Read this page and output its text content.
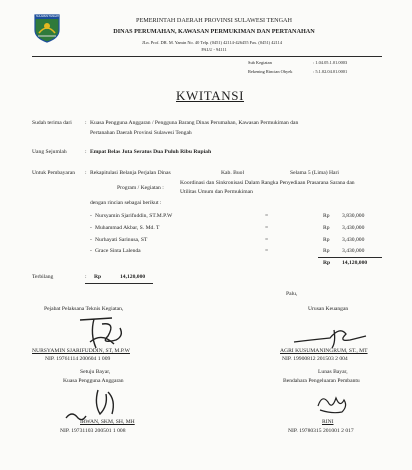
SULAWESI TENGAH
PEMERINTAH DAERAH PROVINSI SULAWESI TENGAH
DINAS PERUMAHAN, KAWASAN PERMUKIMAN DAN PERTANAHAN
JLn. Prof. DR. M. Yamin No. 40 Telp. (0451) 42114-426455 Fax. (0451) 42114
PALU - 94111
Sub Kegiatan	: 1.04.05.1.01.0003
Rekening Rincian Obyek	: 5.1.02.04.01.0001
KWITANSI
Sudah terima dari : Kuasa Pengguna Anggaran / Pengguna Barang Dinas Perumahan, Kawasan Permukiman dan
Pertanahan Daerah Provinsi Sulawesi Tengah
Uang Sejumlah	: Empat Belas Juta Seratus Dua Puluh Ribu Rupiah
Untuk Pembayaran : Rekapitulasi Belanja Perjalan Dinas	Kab. Buol	Selama 5 (Lima) Hari
Program / Kegiatan :
Koordinasi dan Sinkronisasi Dalam Rangka Penyediaan Prasarana Sarana dan
Utilitas Umum dan Permukiman
dengan rincian sebagai berikut :
- Nursyamin Sjarifuddin, ST.M.P.W	=	Rp 3,830,000
- Muhammad Akbar, S. Md. T	=	Rp 3,430,000
- Nurhayati Sarinusa, ST	=	Rp 3,430,000
- Grace Sinta Lalenda	=	Rp 3,430,000
Rp 14,120,000
Terbilang	: Rp	14,120,000
Palu,
Pejabat Pelaksana Teknis Kegiatan,
NURSYAMIN SJARIFUDDIN, ST, M.P.W
NIP. 19761114 200604 1 009
Urusan Keuangan
AGRI KUSUMANINGRUM, ST., MT
NIP. 19900812 201503 2 004
Setuju Bayar,
Kuasa Pengguna Anggaran
IRWAN, SKM, SH, MH
NIP. 19731103 200501 1 008
Lunas Bayar,
Bendahara Pengeluaran Pembantu
RINI
NIP. 19780315 201001 2 017
